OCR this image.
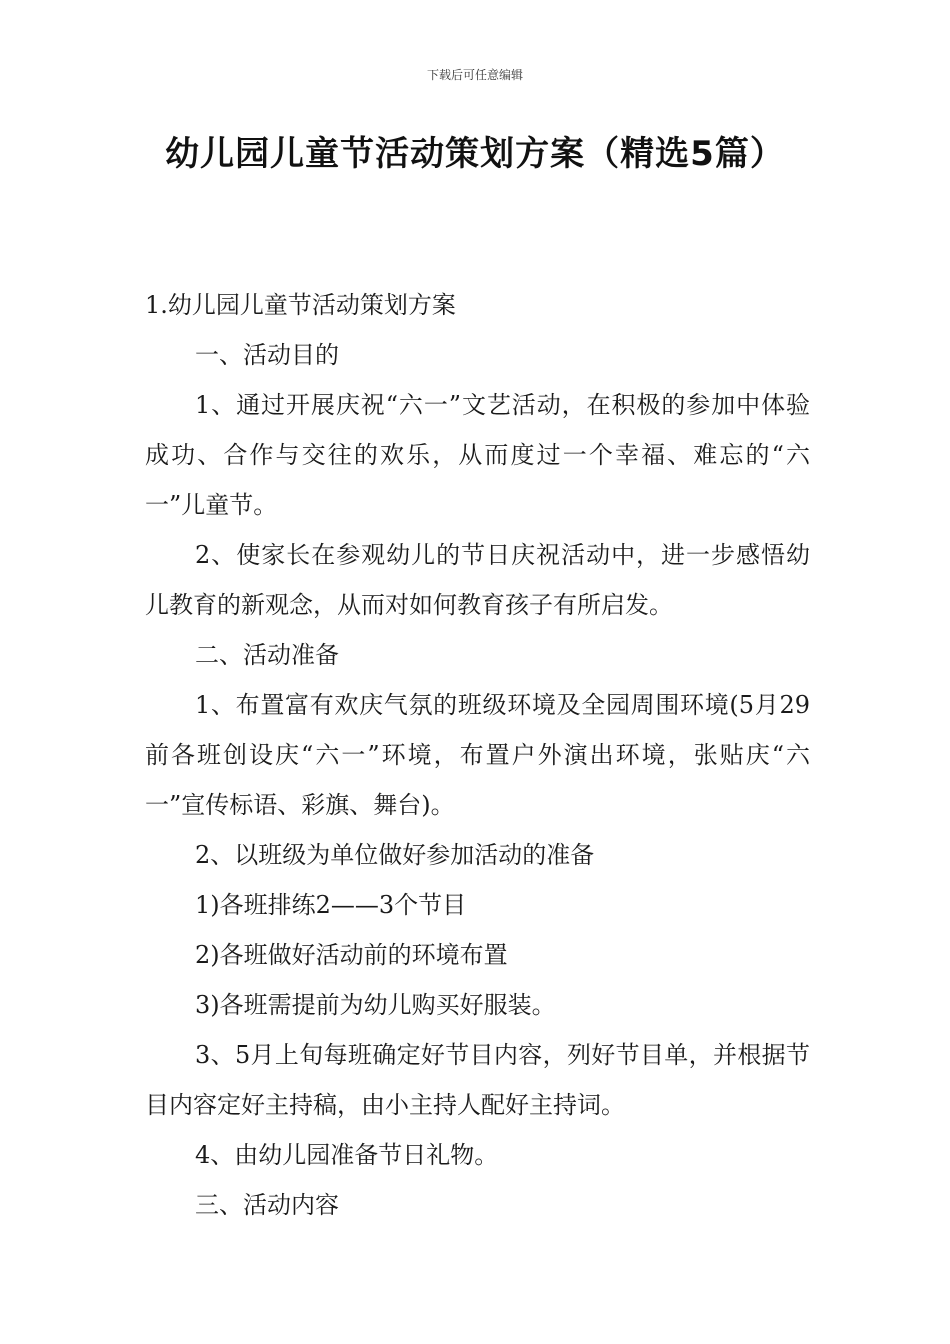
下载后可任意编辑
幼儿园儿童节活动策划方案（精选5篇）

1.幼儿园儿童节活动策划方案

一、活动目的

1、通过开展庆祝“六一”文艺活动，在积极的参加中体验成功、合作与交往的欢乐，从而度过一个幸福、难忘的“六一”儿童节。

2、使家长在参观幼儿的节日庆祝活动中，进一步感悟幼儿教育的新观念，从而对如何教育孩子有所启发。

二、活动准备

1、布置富有欢庆气氛的班级环境及全园周围环境(5月29前各班创设庆“六一”环境，布置户外演出环境，张贴庆“六一”宣传标语、彩旗、舞台)。

2、以班级为单位做好参加活动的准备

1)各班排练2——3个节目

2)各班做好活动前的环境布置

3)各班需提前为幼儿购买好服装。

3、5月上旬每班确定好节目内容，列好节目单，并根据节目内容定好主持稿，由小主持人配好主持词。

4、由幼儿园准备节日礼物。

三、活动内容
